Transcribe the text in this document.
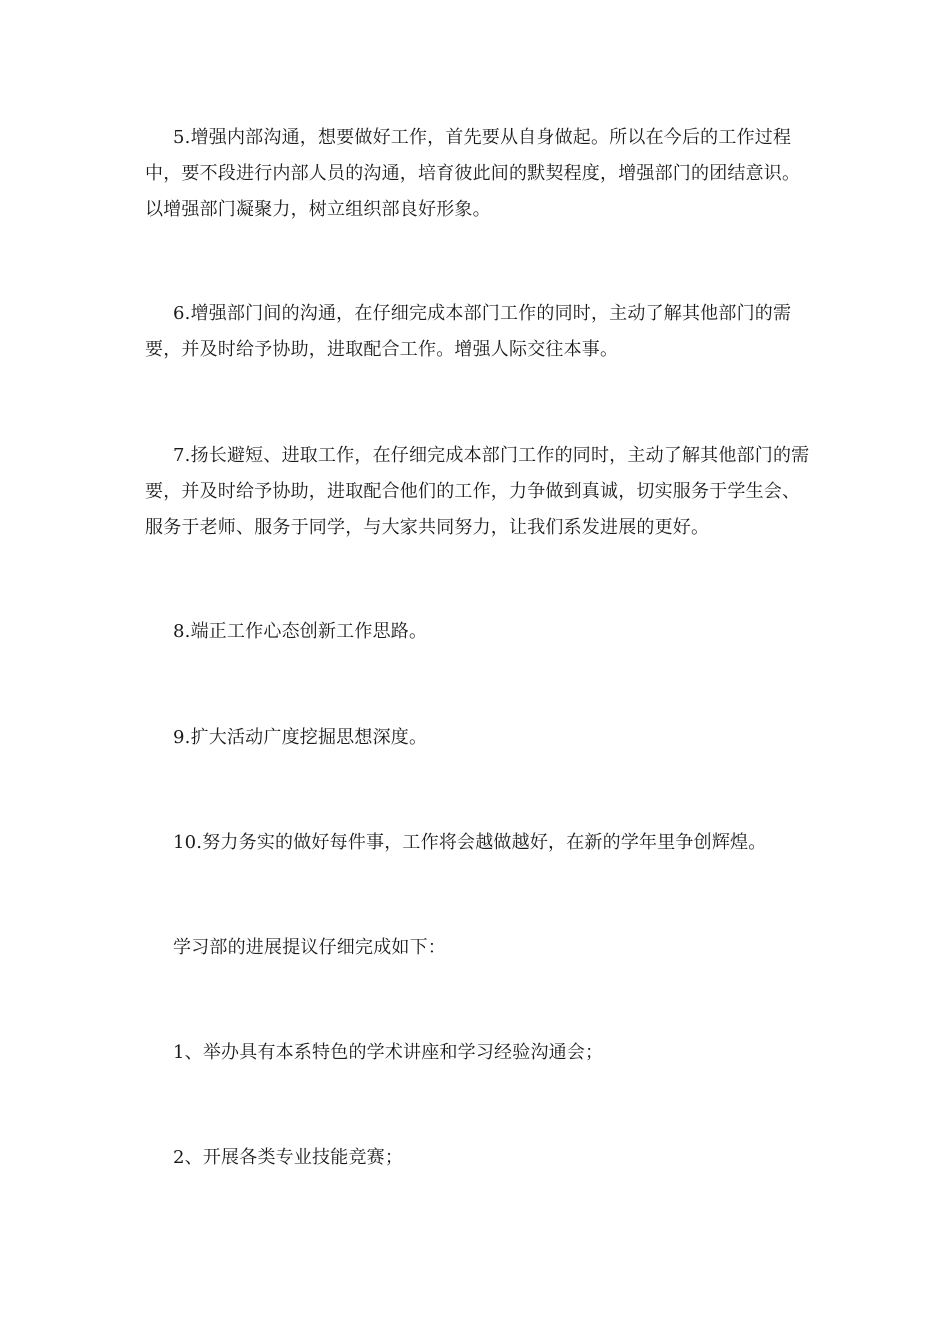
5.增强内部沟通，想要做好工作，首先要从自身做起。所以在今后的工作过程中，要不段进行内部人员的沟通，培育彼此间的默契程度，增强部门的团结意识。以增强部门凝聚力，树立组织部良好形象。

6.增强部门间的沟通，在仔细完成本部门工作的同时，主动了解其他部门的需要，并及时给予协助，进取配合工作。增强人际交往本事。

7.扬长避短、进取工作，在仔细完成本部门工作的同时，主动了解其他部门的需要，并及时给予协助，进取配合他们的工作，力争做到真诚，切实服务于学生会、服务于老师、服务于同学，与大家共同努力，让我们系发进展的更好。

8.端正工作心态创新工作思路。

9.扩大活动广度挖掘思想深度。

10.努力务实的做好每件事，工作将会越做越好，在新的学年里争创辉煌。

学习部的进展提议仔细完成如下：

1、举办具有本系特色的学术讲座和学习经验沟通会；

2、开展各类专业技能竞赛；
